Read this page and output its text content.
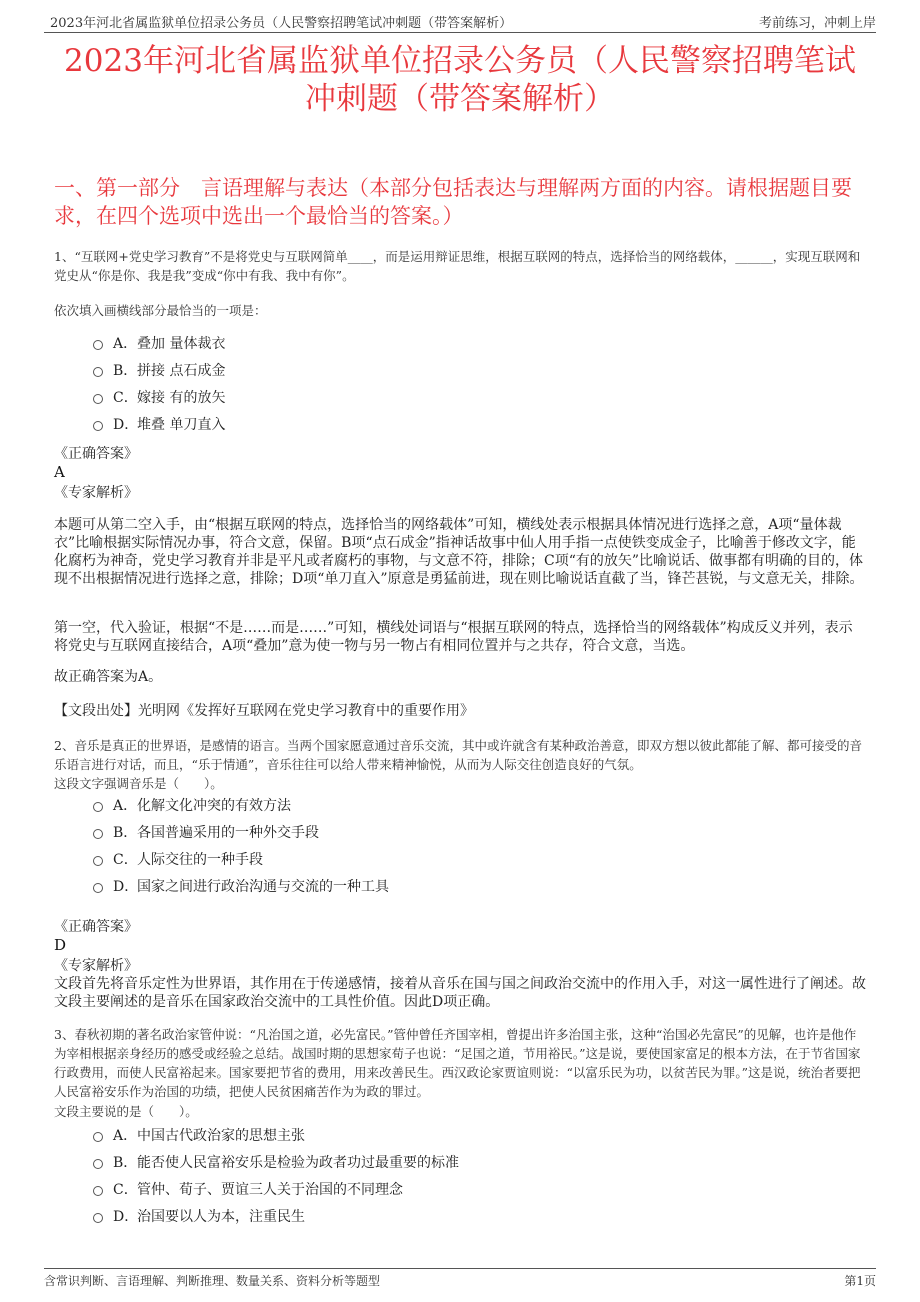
2023年河北省属监狱单位招录公务员（人民警察招聘笔试冲刺题（带答案解析）	考前练习，冲刺上岸
2023年河北省属监狱单位招录公务员（人民警察招聘笔试冲刺题（带答案解析）
一、第一部分　言语理解与表达（本部分包括表达与理解两方面的内容。请根据题目要求，在四个选项中选出一个最恰当的答案。）
1、“互联网+党史学习教育”不是将党史与互联网简单____，而是运用辩证思维，根据互联网的特点，选择恰当的网络载体，______，实现互联网和党史从“你是你、我是我”变成“你中有我、我中有你”。
依次填入画横线部分最恰当的一项是：
A．叠加 量体裁衣
B．拼接 点石成金
C．嫁接 有的放矢
D．堆叠 单刀直入
《正确答案》
A
《专家解析》

本题可从第二空入手，由“根据互联网的特点，选择恰当的网络载体”可知，横线处表示根据具体情况进行选择之意，A项“量体裁衣”比喻根据实际情况办事，符合文意，保留。B项“点石成金”指神话故事中仙人用手指一点使铁变成金子，比喻善于修改文字，能化腐朽为神奇，党史学习教育并非是平凡或者腐朽的事物，与文意不符，排除；C项“有的放矢”比喻说话、做事都有明确的目的，体现不出根据情况进行选择之意，排除；D项“单刀直入”原意是勇猛前进，现在则比喻说话直截了当，锋芒甚锐，与文意无关，排除。

第一空，代入验证，根据“不是……而是……”可知，横线处词语与“根据互联网的特点，选择恰当的网络载体”构成反义并列，表示将党史与互联网直接结合，A项“叠加”意为使一物与另一物占有相同位置并与之共存，符合文意，当选。

故正确答案为A。

【文段出处】光明网《发挥好互联网在党史学习教育中的重要作用》

2、音乐是真正的世界语，是感情的语言。当两个国家愿意通过音乐交流，其中或许就含有某种政治善意，即双方想以彼此都能了解、都可接受的音乐语言进行对话，而且，“乐于情通”，音乐往往可以给人带来精神愉悦，从而为人际交往创造良好的气氛。
这段文字强调音乐是（　　）。
A．化解文化冲突的有效方法
B．各国普遍采用的一种外交手段
C．人际交往的一种手段
D．国家之间进行政治沟通与交流的一种工具
《正确答案》
D
《专家解析》

文段首先将音乐定性为世界语，其作用在于传递感情，接着从音乐在国与国之间政治交流中的作用入手，对这一属性进行了阐述。故文段主要阐述的是音乐在国家政治交流中的工具性价值。因此D项正确。

3、春秋初期的著名政治家管仲说：“凡治国之道，必先富民。”管仲曾任齐国宰相，曾提出许多治国主张，这种“治国必先富民”的见解，也许是他作为宰相根据亲身经历的感受或经验之总结。战国时期的思想家荀子也说：“足国之道，节用裕民。”这是说，要使国家富足的根本方法，在于节省国家行政费用，而使人民富裕起来。国家要把节省的费用，用来改善民生。西汉政论家贾谊则说：“以富乐民为功，以贫苦民为罪。”这是说，统治者要把人民富裕安乐作为治国的功绩，把使人民贫困痛苦作为为政的罪过。
文段主要说的是（　　）。
A．中国古代政治家的思想主张
B．能否使人民富裕安乐是检验为政者功过最重要的标准
C．管仲、荀子、贾谊三人关于治国的不同理念
D．治国要以人为本，注重民生
含常识判断、言语理解、判断推理、数量关系、资料分析等题型	第1页
